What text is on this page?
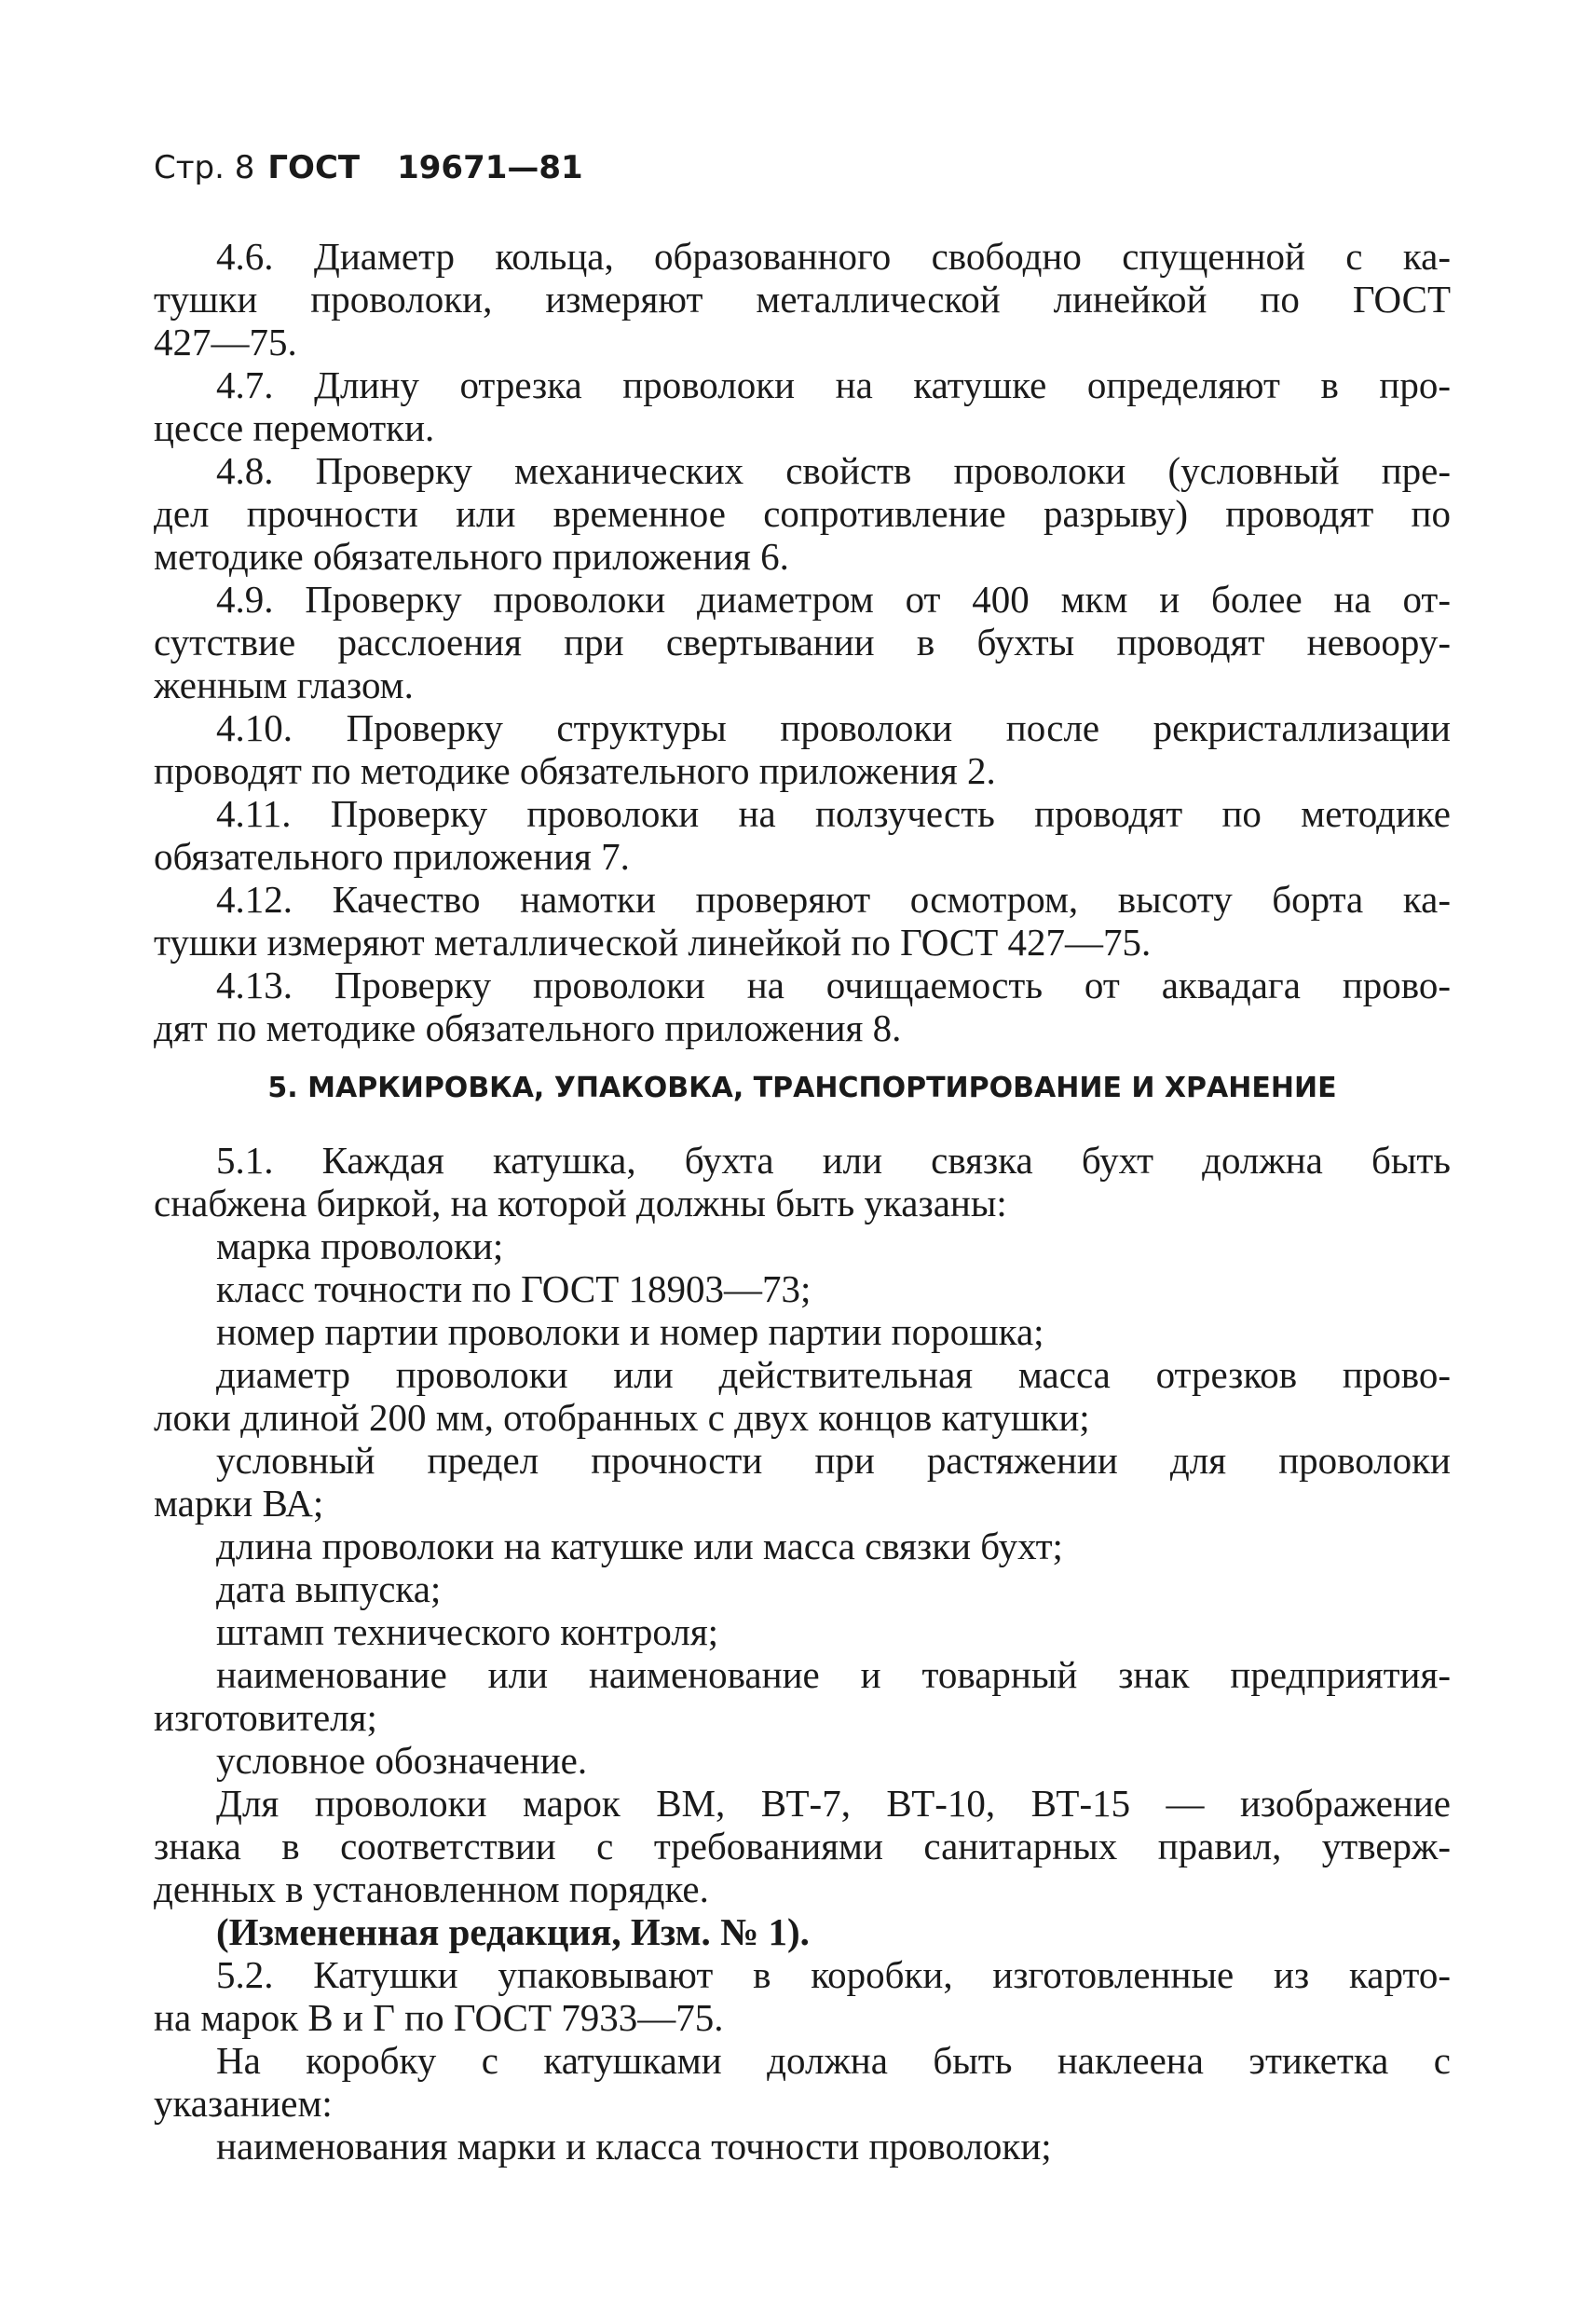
Стр. 8 ГОСТ 19671—81
4.6. Диаметр кольца, образованного свободно спущенной с ка-
тушки проволоки, измеряют металлической линейкой по ГОСТ
427—75.
4.7. Длину отрезка проволоки на катушке определяют в про-
цессе перемотки.
4.8. Проверку механических свойств проволоки (условный пре-
дел прочности или временное сопротивление разрыву) проводят по
методике обязательного приложения 6.
4.9. Проверку проволоки диаметром от 400 мкм и более на от-
сутствие расслоения при свертывании в бухты проводят невоору-
женным глазом.
4.10. Проверку структуры проволоки после рекристаллизации
проводят по методике обязательного приложения 2.
4.11. Проверку проволоки на ползучесть проводят по методике
обязательного приложения 7.
4.12. Качество намотки проверяют осмотром, высоту борта ка-
тушки измеряют металлической линейкой по ГОСТ 427—75.
4.13. Проверку проволоки на очищаемость от аквадага прово-
дят по методике обязательного приложения 8.
5. МАРКИРОВКА, УПАКОВКА, ТРАНСПОРТИРОВАНИЕ И ХРАНЕНИЕ
5.1. Каждая катушка, бухта или связка бухт должна быть
снабжена биркой, на которой должны быть указаны:
марка проволоки;
класс точности по ГОСТ 18903—73;
номер партии проволоки и номер партии порошка;
диаметр проволоки или действительная масса отрезков прово-
локи длиной 200 мм, отобранных с двух концов катушки;
условный предел прочности при растяжении для проволоки
марки ВА;
длина проволоки на катушке или масса связки бухт;
дата выпуска;
штамп технического контроля;
наименование или наименование и товарный знак предприятия-
изготовителя;
условное обозначение.
Для проволоки марок ВМ, ВТ-7, ВТ-10, ВТ-15 — изображение
знака в соответствии с требованиями санитарных правил, утверж-
денных в установленном порядке.
(Измененная редакция, Изм. № 1).
5.2. Катушки упаковывают в коробки, изготовленные из карто-
на марок В и Г по ГОСТ 7933—75.
На коробку с катушками должна быть наклеена этикетка с
указанием:
наименования марки и класса точности проволоки;
